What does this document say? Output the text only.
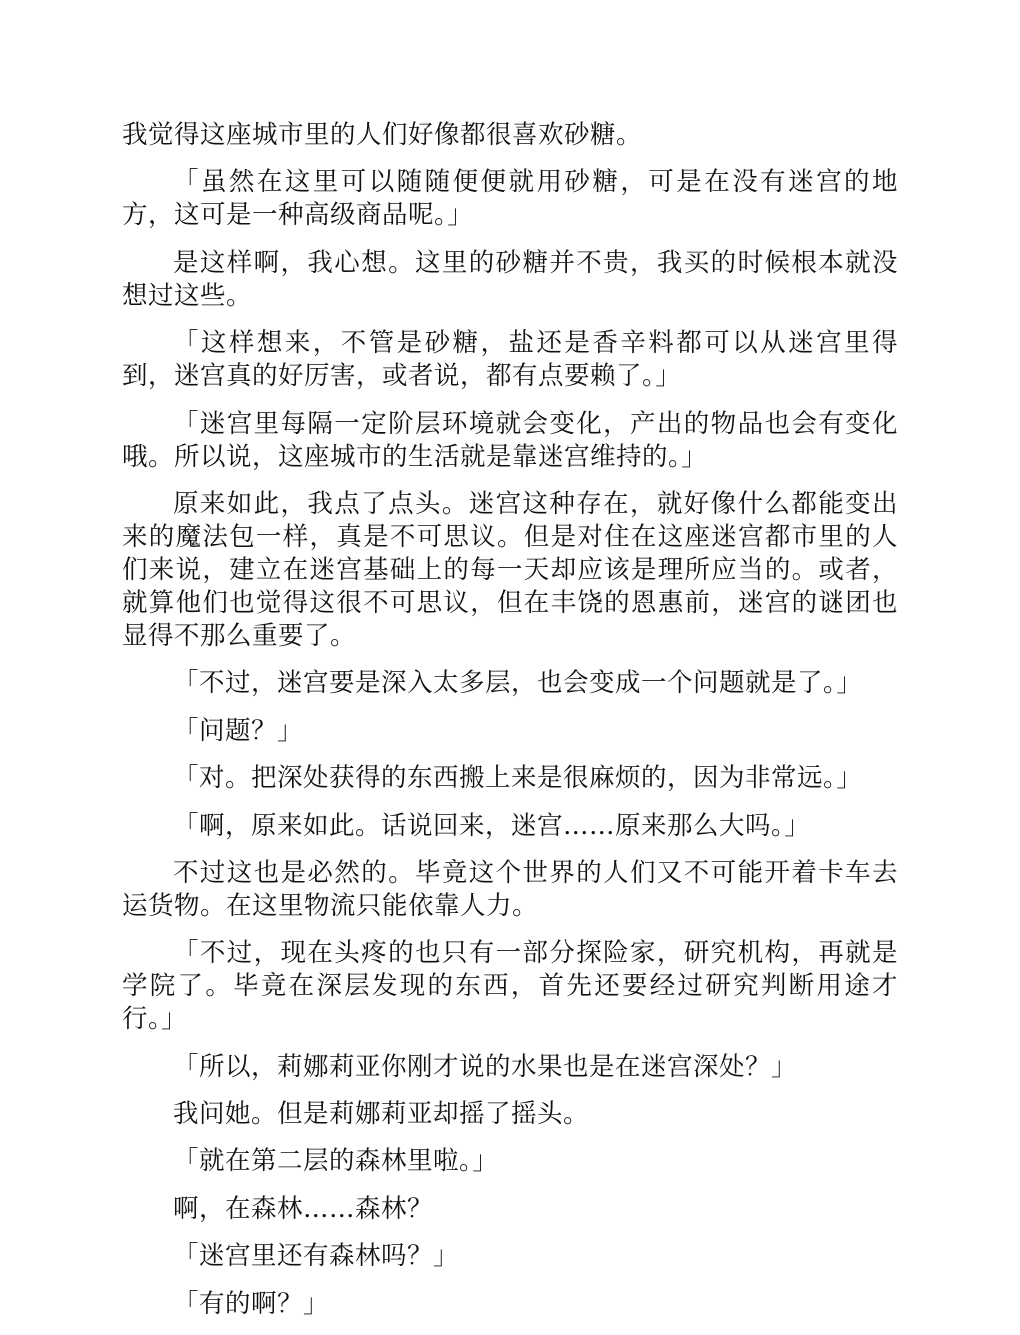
我觉得这座城市里的人们好像都很喜欢砂糖。

「虽然在这里可以随随便便就用砂糖，可是在没有迷宫的地方，这可是一种高级商品呢。」

是这样啊，我心想。这里的砂糖并不贵，我买的时候根本就没想过这些。

「这样想来，不管是砂糖，盐还是香辛料都可以从迷宫里得到，迷宫真的好厉害，或者说，都有点要赖了。」

「迷宫里每隔一定阶层环境就会变化，产出的物品也会有变化哦。所以说，这座城市的生活就是靠迷宫维持的。」

原来如此，我点了点头。迷宫这种存在，就好像什么都能变出来的魔法包一样，真是不可思议。但是对住在这座迷宫都市里的人们来说，建立在迷宫基础上的每一天却应该是理所应当的。或者，就算他们也觉得这很不可思议，但在丰饶的恩惠前，迷宫的谜团也显得不那么重要了。

「不过，迷宫要是深入太多层，也会变成一个问题就是了。」

「问题？」

「对。把深处获得的东西搬上来是很麻烦的，因为非常远。」

「啊，原来如此。话说回来，迷宫……原来那么大吗。」

不过这也是必然的。毕竟这个世界的人们又不可能开着卡车去运货物。在这里物流只能依靠人力。

「不过，现在头疼的也只有一部分探险家，研究机构，再就是学院了。毕竟在深层发现的东西，首先还要经过研究判断用途才行。」

「所以，莉娜莉亚你刚才说的水果也是在迷宫深处？」

我问她。但是莉娜莉亚却摇了摇头。

「就在第二层的森林里啦。」

啊，在森林……森林？

「迷宫里还有森林吗？」

「有的啊？」
